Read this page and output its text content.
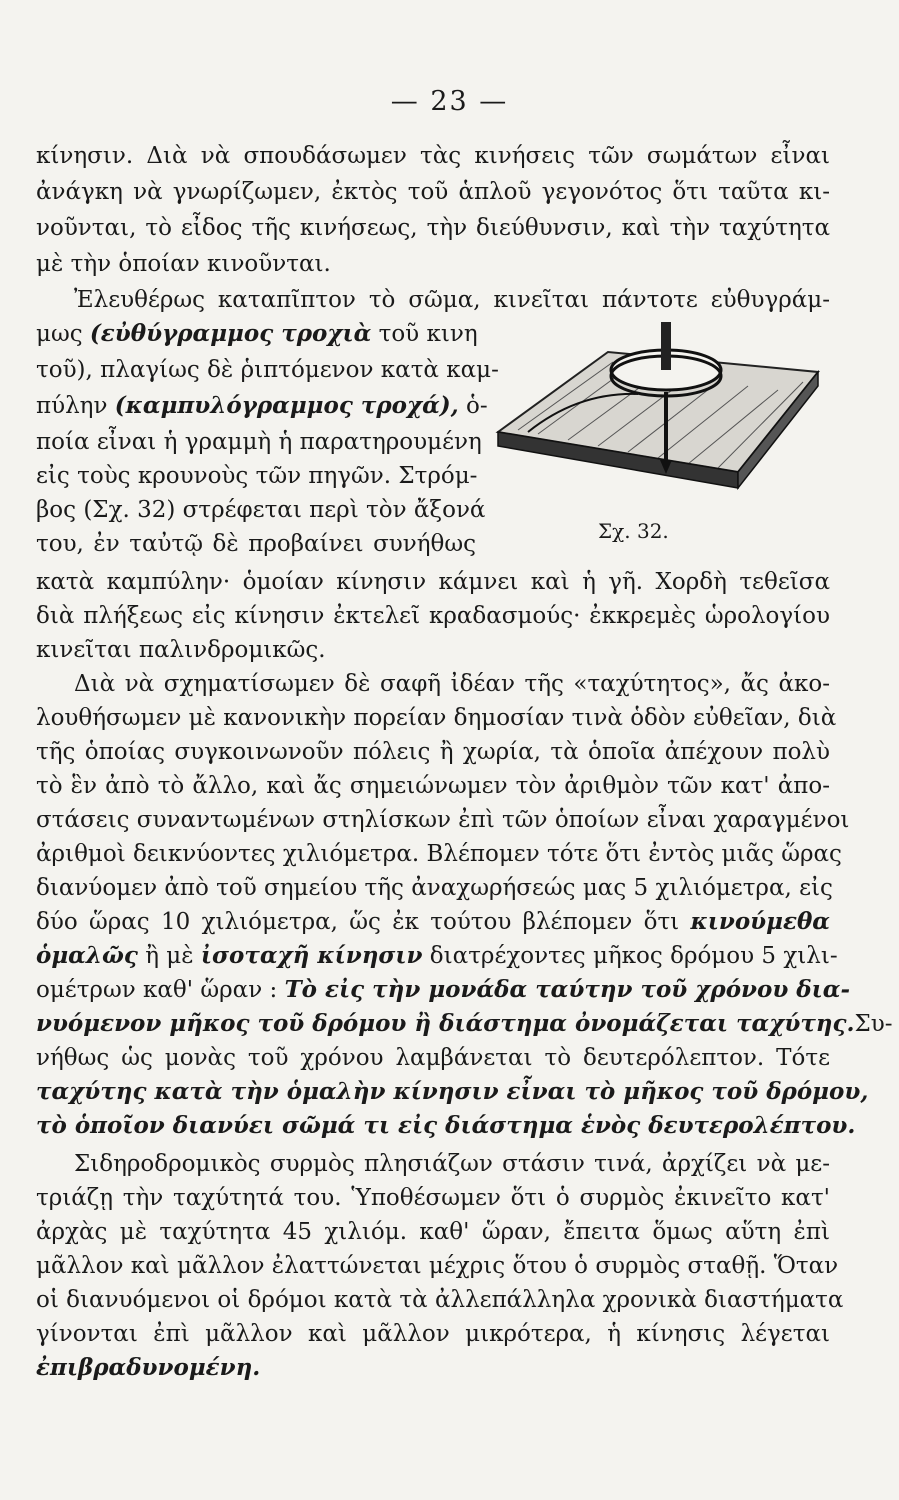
— 23 —
κίνησιν. Διὰ νὰ σπουδάσωμεν τὰς κινήσεις τῶν σωμάτων εἶναι
ἀνάγκη νὰ γνωρίζωμεν, ἐκτὸς τοῦ ἁπλοῦ γεγονότος ὅτι ταῦτα κι-
νοῦνται, τὸ εἶδος τῆς κινήσεως, τὴν διεύθυνσιν, καὶ τὴν ταχύτητα
μὲ τὴν ὁποίαν κινοῦνται.
Ἐλευθέρως καταπῖπτον τὸ σῶμα, κινεῖται πάντοτε εὐθυγράμ-
μως (εὐθύγραμμος τροχιὰ τοῦ κινη
τοῦ), πλαγίως δὲ ῥιπτόμενον κατὰ καμ-
πύλην (καμπυλόγραμμος τροχά), ὁ-
ποία εἶναι ἡ γραμμὴ ἡ παρατηρουμένη
εἰς τοὺς κρουνοὺς τῶν πηγῶν. Στρόμ-
βος (Σχ. 32) στρέφεται περὶ τὸν ἄξονά
του, ἐν ταὐτῷ δὲ προβαίνει συνήθως	Σχ. 32.
κατὰ καμπύλην· ὁμοίαν κίνησιν κάμνει καὶ ἡ γῆ. Χορδὴ τεθεῖσα
διὰ πλήξεως εἰς κίνησιν ἐκτελεῖ κραδασμούς· ἐκκρεμὲς ὡρολογίου
κινεῖται παλινδρομικῶς.
Διὰ νὰ σχηματίσωμεν δὲ σαφῆ ἰδέαν τῆς «ταχύτητος», ἄς ἀκο-
λουθήσωμεν μὲ κανονικὴν πορείαν δημοσίαν τινὰ ὁδὸν εὐθεῖαν, διὰ
τῆς ὁποίας συγκοινωνοῦν πόλεις ἢ χωρία, τὰ ὁποῖα ἀπέχουν πολὺ
τὸ ἓν ἀπὸ τὸ ἄλλο, καὶ ἄς σημειώνωμεν τὸν ἀριθμὸν τῶν κατ' ἀπο-
στάσεις συναντωμένων στηλίσκων ἐπὶ τῶν ὁποίων εἶναι χαραγμένοι
ἀριθμοὶ δεικνύοντες χιλιόμετρα. Βλέπομεν τότε ὅτι ἐντὸς μιᾶς ὥρας
διανύομεν ἀπὸ τοῦ σημείου τῆς ἀναχωρήσεώς μας 5 χιλιόμετρα, εἰς
δύο ὥρας 10 χιλιόμετρα, ὥς ἐκ τούτου βλέπομεν ὅτι κινούμεθα
ὁμαλῶς ἢ μὲ ἰσοταχῆ κίνησιν διατρέχοντες μῆκος δρόμου 5 χιλι-
ομέτρων καθ' ὥραν : Τὸ εἰς τὴν μονάδα ταύτην τοῦ χρόνου δια-
νυόμενον μῆκος τοῦ δρόμου ἢ διάστημα ὀνομάζεται ταχύτης.Συ-
νήθως ὡς μονὰς τοῦ χρόνου λαμβάνεται τὸ δευτερόλεπτον. Τότε
ταχύτης κατὰ τὴν ὁμαλὴν κίνησιν εἶναι τὸ μῆκος τοῦ δρόμου,
τὸ ὁποῖον διανύει σῶμά τι εἰς διάστημα ἑνὸς δευτερολέπτου.
Σιδηροδρομικὸς συρμὸς πλησιάζων στάσιν τινά, ἀρχίζει νὰ με-
τριάζῃ τὴν ταχύτητά του. Ὑποθέσωμεν ὅτι ὁ συρμὸς ἐκινεῖτο κατ'
ἀρχὰς μὲ ταχύτητα 45 χιλιόμ. καθ' ὥραν, ἔπειτα ὅμως αὕτη ἐπὶ
μᾶλλον καὶ μᾶλλον ἐλαττώνεται μέχρις ὅτου ὁ συρμὸς σταθῇ. Ὅταν
οἱ διανυόμενοι οἱ δρόμοι κατὰ τὰ ἀλλεπάλληλα χρονικὰ διαστήματα
γίνονται ἐπὶ μᾶλλον καὶ μᾶλλον μικρότερα, ἡ κίνησις λέγεται
ἐπιβραδυνομένη.
